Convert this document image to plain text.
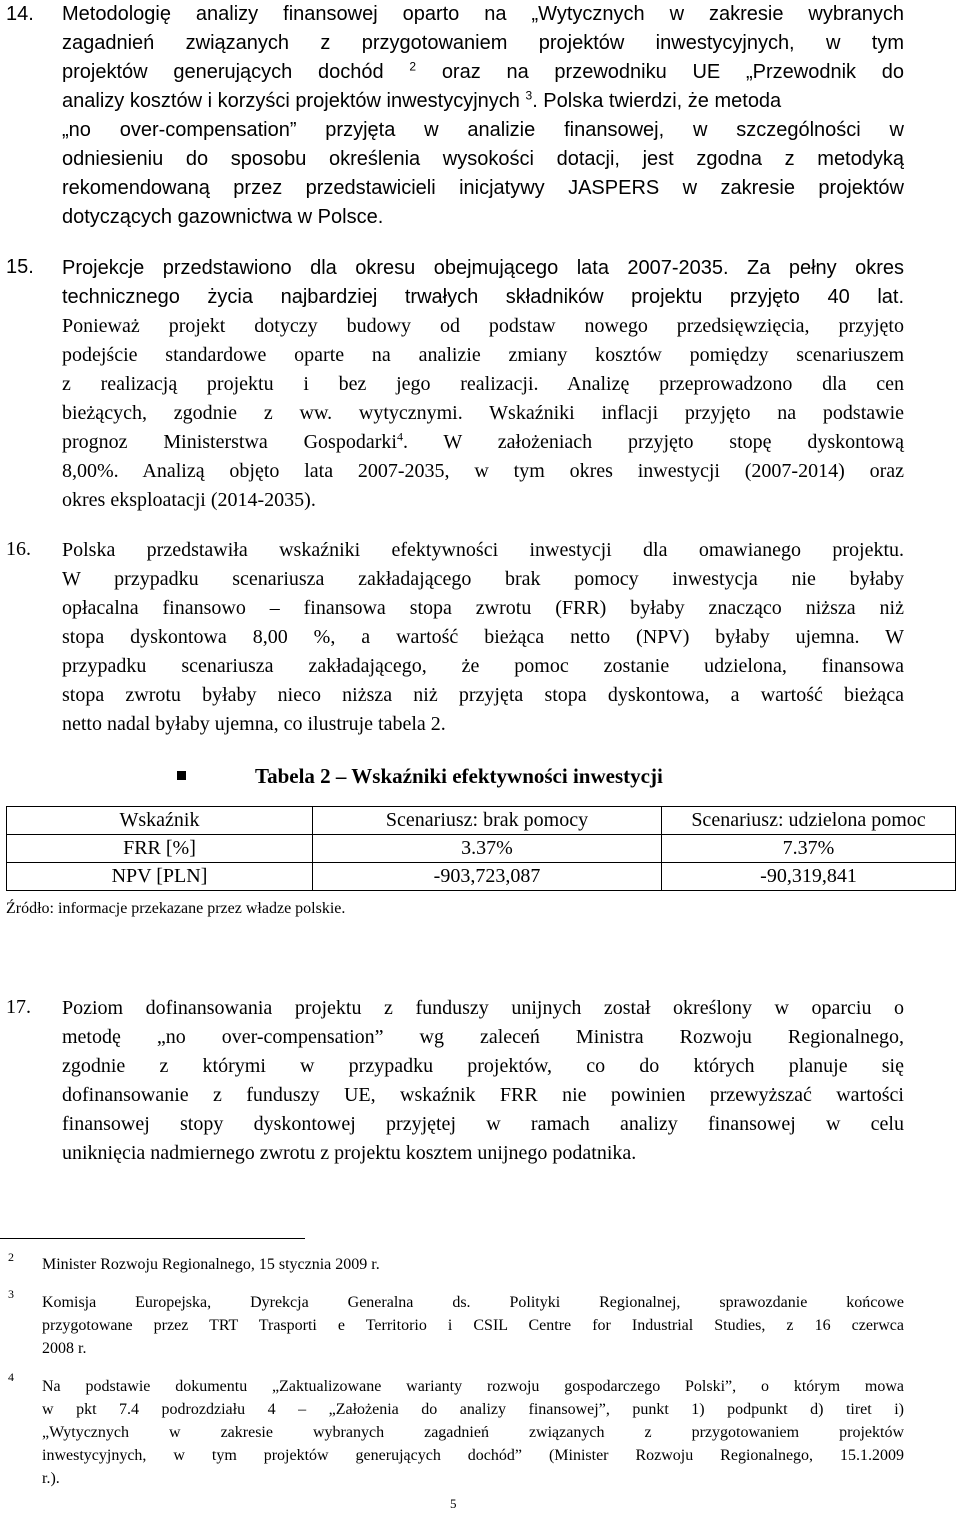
14. Metodologię analizy finansowej oparto na „Wytycznych w zakresie wybranych
zagadnień związanych z przygotowaniem projektów inwestycyjnych, w tym
projektów generujących dochód $^2$ oraz na przewodniku UE „Przewodnik do
analizy kosztów i korzyści projektów inwestycyjnych $^3$. Polska twierdzi, że metoda
„no over-compensation” przyjęta w analizie finansowej, w szczególności w
odniesieniu do sposobu określenia wysokości dotacji, jest zgodna z metodyką
rekomendowaną przez przedstawicieli inicjatywy JASPERS w zakresie projektów
dotyczących gazownictwa w Polsce.
15. Projekcje przedstawiono dla okresu obejmującego lata 2007-2035. Za pełny okres
technicznego życia najbardziej trwałych składników projektu przyjęto 40 lat.
Ponieważ projekt dotyczy budowy od podstaw nowego przedsięwzięcia, przyjęto
podejście standardowe oparte na analizie zmiany kosztów pomiędzy scenariuszem
z realizacją projektu i bez jego realizacji. Analizę przeprowadzono dla cen
bieżących, zgodnie z ww. wytycznymi. Wskaźniki inflacji przyjęto na podstawie
prognoz Ministerstwa Gospodarki$^4$. W założeniach przyjęto stopę dyskontową
8,00%. Analizą objęto lata 2007-2035, w tym okres inwestycji (2007-2014) oraz
okres eksploatacji (2014-2035).
16. Polska przedstawiła wskaźniki efektywności inwestycji dla omawianego projektu.
W przypadku scenariusza zakładającego brak pomocy inwestycja nie byłaby
opłacalna finansowo – finansowa stopa zwrotu (FRR) byłaby znacząco niższa niż
stopa dyskontowa 8,00 %, a wartość bieżąca netto (NPV) byłaby ujemna. W
przypadku scenariusza zakładającego, że pomoc zostanie udzielona, finansowa
stopa zwrotu byłaby nieco niższa niż przyjęta stopa dyskontowa, a wartość bieżąca
netto nadal byłaby ujemna, co ilustruje tabela 2.
Tabela 2 – Wskaźniki efektywności inwestycji
Wskaźnik	Scenariusz: brak pomocy	Scenariusz: udzielona pomoc
FRR [%]	3.37%	7.37%
NPV [PLN]	-903,723,087	-90,319,841
Źródło: informacje przekazane przez władze polskie.
17. Poziom dofinansowania projektu z funduszy unijnych został określony w oparciu o
metodę „no over-compensation” wg zaleceń Ministra Rozwoju Regionalnego,
zgodnie z którymi w przypadku projektów, co do których planuje się
dofinansowanie z funduszy UE, wskaźnik FRR nie powinien przewyższać wartości
finansowej stopy dyskontowej przyjętej w ramach analizy finansowej w celu
uniknięcia nadmiernego zwrotu z projektu kosztem unijnego podatnika.
2 Minister Rozwoju Regionalnego, 15 stycznia 2009 r.
3 Komisja Europejska, Dyrekcja Generalna ds. Polityki Regionalnej, sprawozdanie końcowe
przygotowane przez TRT Trasporti e Territorio i CSIL Centre for Industrial Studies, z 16 czerwca
2008 r.
4
Na podstawie dokumentu „Zaktualizowane warianty rozwoju gospodarczego Polski”, o którym mowa
w pkt 7.4 podrozdziału 4 – „Założenia do analizy finansowej”, punkt 1) podpunkt d) tiret i)
„Wytycznych w zakresie wybranych zagadnień związanych z przygotowaniem projektów
inwestycyjnych, w tym projektów generujących dochód” (Minister Rozwoju Regionalnego, 15.1.2009
r.).
5
